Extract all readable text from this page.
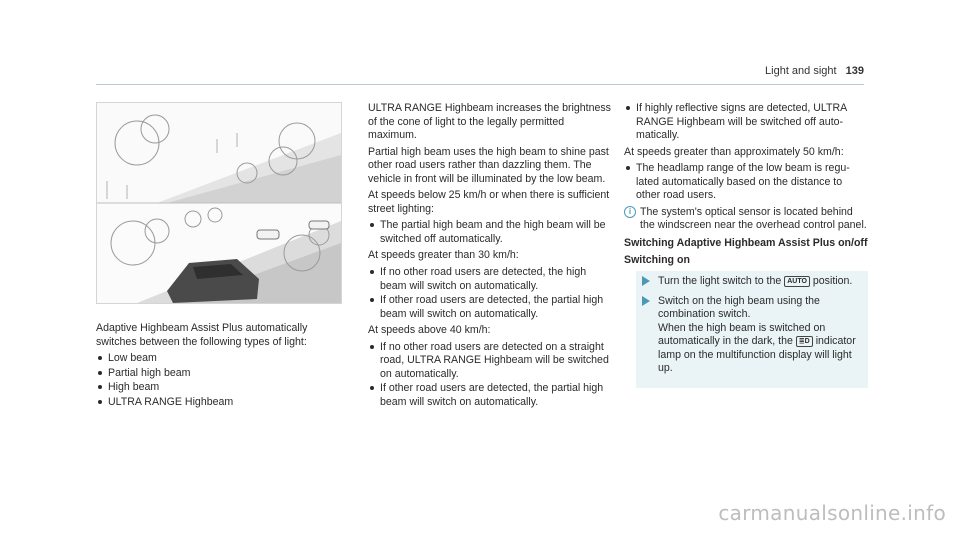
Light and sight 139

Adaptive Highbeam Assist Plus automatically switches between the following types of light:

Low beam
Partial high beam
High beam
ULTRA RANGE Highbeam

ULTRA RANGE Highbeam increases the brightness of the cone of light to the legally permitted maximum.

Partial high beam uses the high beam to shine past other road users rather than dazzling them. The vehicle in front will be illuminated by the low beam.

At speeds below 25 km/h or when there is sufficient street lighting:

The partial high beam and the high beam will be switched off automatically.

At speeds greater than 30 km/h:

If no other road users are detected, the high beam will switch on automatically.
If other road users are detected, the partial high beam will switch on automatically.

At speeds above 40 km/h:

If no other road users are detected on a straight road, ULTRA RANGE Highbeam will be switched on automatically.
If other road users are detected, the partial high beam will switch on automatically.
If highly reflective signs are detected, ULTRA RANGE Highbeam will be switched off automatically.

At speeds greater than approximately 50 km/h:

The headlamp range of the low beam is regulated automatically based on the distance to other road users.
i The system's optical sensor is located behind the windscreen near the overhead control panel.
Switching Adaptive Highbeam Assist Plus on/off
Switching on
Turn the light switch to the AUTO position.
Switch on the high beam using the combination switch.
When the high beam is switched on automatically in the dark, the ≣D indicator lamp on the multifunction display will light up.
carmanualsonline.info
